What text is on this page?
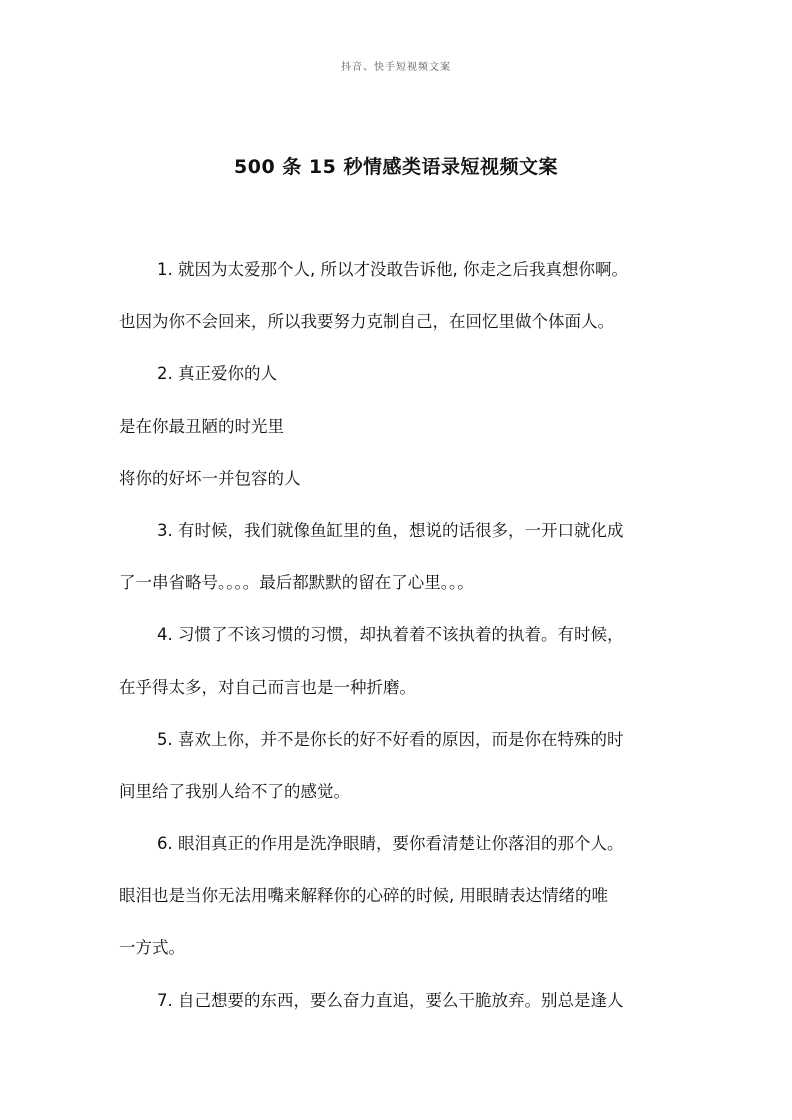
抖音、快手短视频文案
500 条 15 秒情感类语录短视频文案
1. 就因为太爱那个人, 所以才没敢告诉他, 你走之后我真想你啊。
也因为你不会回来，所以我要努力克制自己，在回忆里做个体面人。
2. 真正爱你的人
是在你最丑陋的时光里
将你的好坏一并包容的人
3. 有时候，我们就像鱼缸里的鱼，想说的话很多，一开口就化成
了一串省略号。。。。最后都默默的留在了心里。。。
4. 习惯了不该习惯的习惯，却执着着不该执着的执着。有时候，
在乎得太多，对自己而言也是一种折磨。
5. 喜欢上你，并不是你长的好不好看的原因，而是你在特殊的时
间里给了我别人给不了的感觉。
6. 眼泪真正的作用是洗净眼睛，要你看清楚让你落泪的那个人。
眼泪也是当你无法用嘴来解释你的心碎的时候, 用眼睛表达情绪的唯
一方式。
7. 自己想要的东西，要么奋力直追，要么干脆放弃。别总是逢人
